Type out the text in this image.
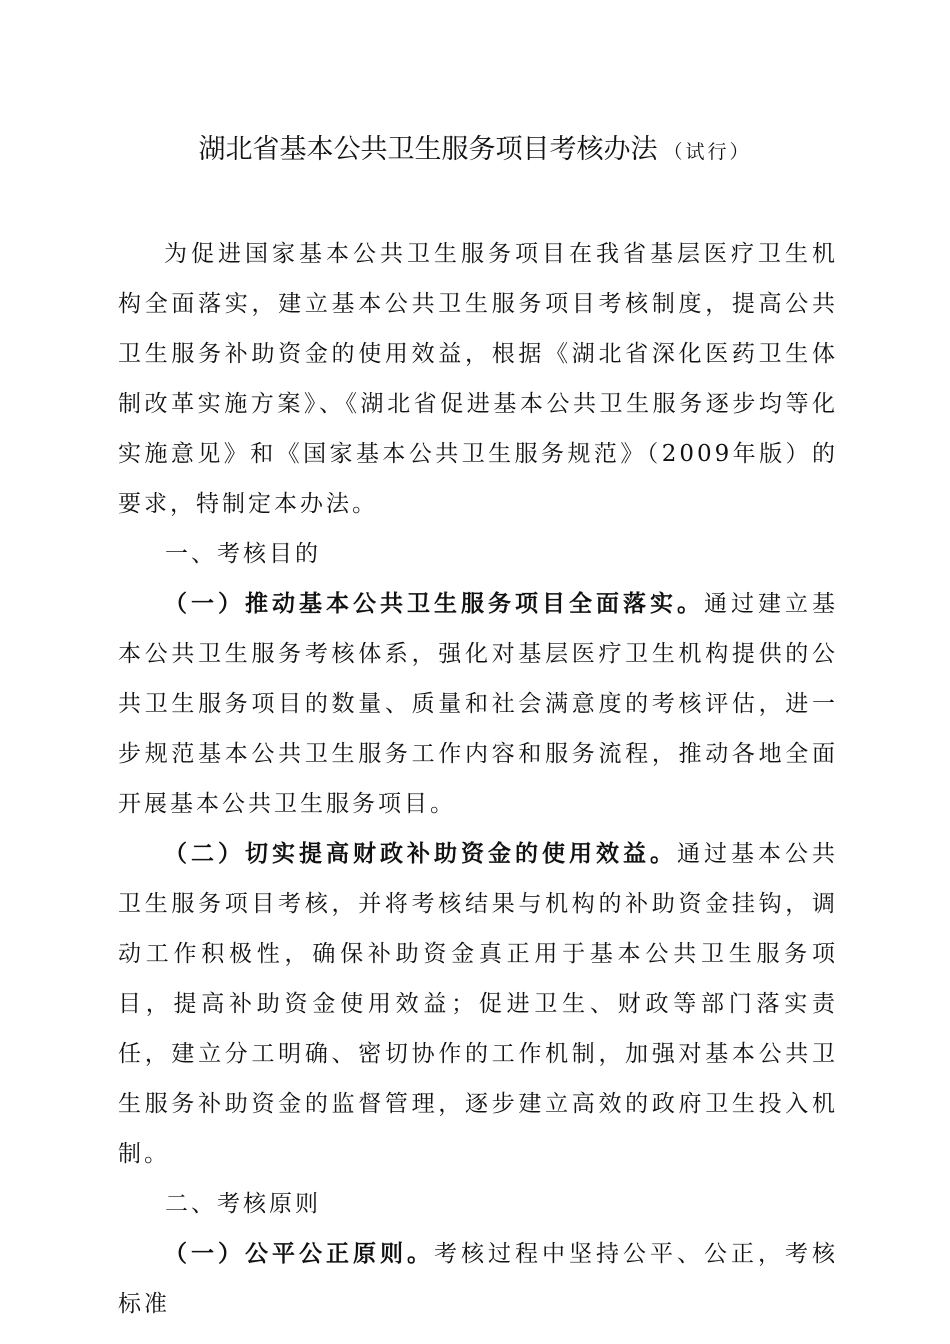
湖北省基本公共卫生服务项目考核办法 （试行）

为促进国家基本公共卫生服务项目在我省基层医疗卫生机构全面落实，建立基本公共卫生服务项目考核制度，提高公共卫生服务补助资金的使用效益，根据《湖北省深化医药卫生体制改革实施方案》、《湖北省促进基本公共卫生服务逐步均等化实施意见》和《国家基本公共卫生服务规范》（2009年版）的要求，特制定本办法。

一、考核目的

（一）推动基本公共卫生服务项目全面落实。通过建立基本公共卫生服务考核体系，强化对基层医疗卫生机构提供的公共卫生服务项目的数量、质量和社会满意度的考核评估，进一步规范基本公共卫生服务工作内容和服务流程，推动各地全面开展基本公共卫生服务项目。

（二）切实提高财政补助资金的使用效益。通过基本公共卫生服务项目考核，并将考核结果与机构的补助资金挂钩，调动工作积极性，确保补助资金真正用于基本公共卫生服务项目，提高补助资金使用效益；促进卫生、财政等部门落实责任，建立分工明确、密切协作的工作机制，加强对基本公共卫生服务补助资金的监督管理，逐步建立高效的政府卫生投入机制。

二、考核原则

（一）公平公正原则。考核过程中坚持公平、公正，考核标准
